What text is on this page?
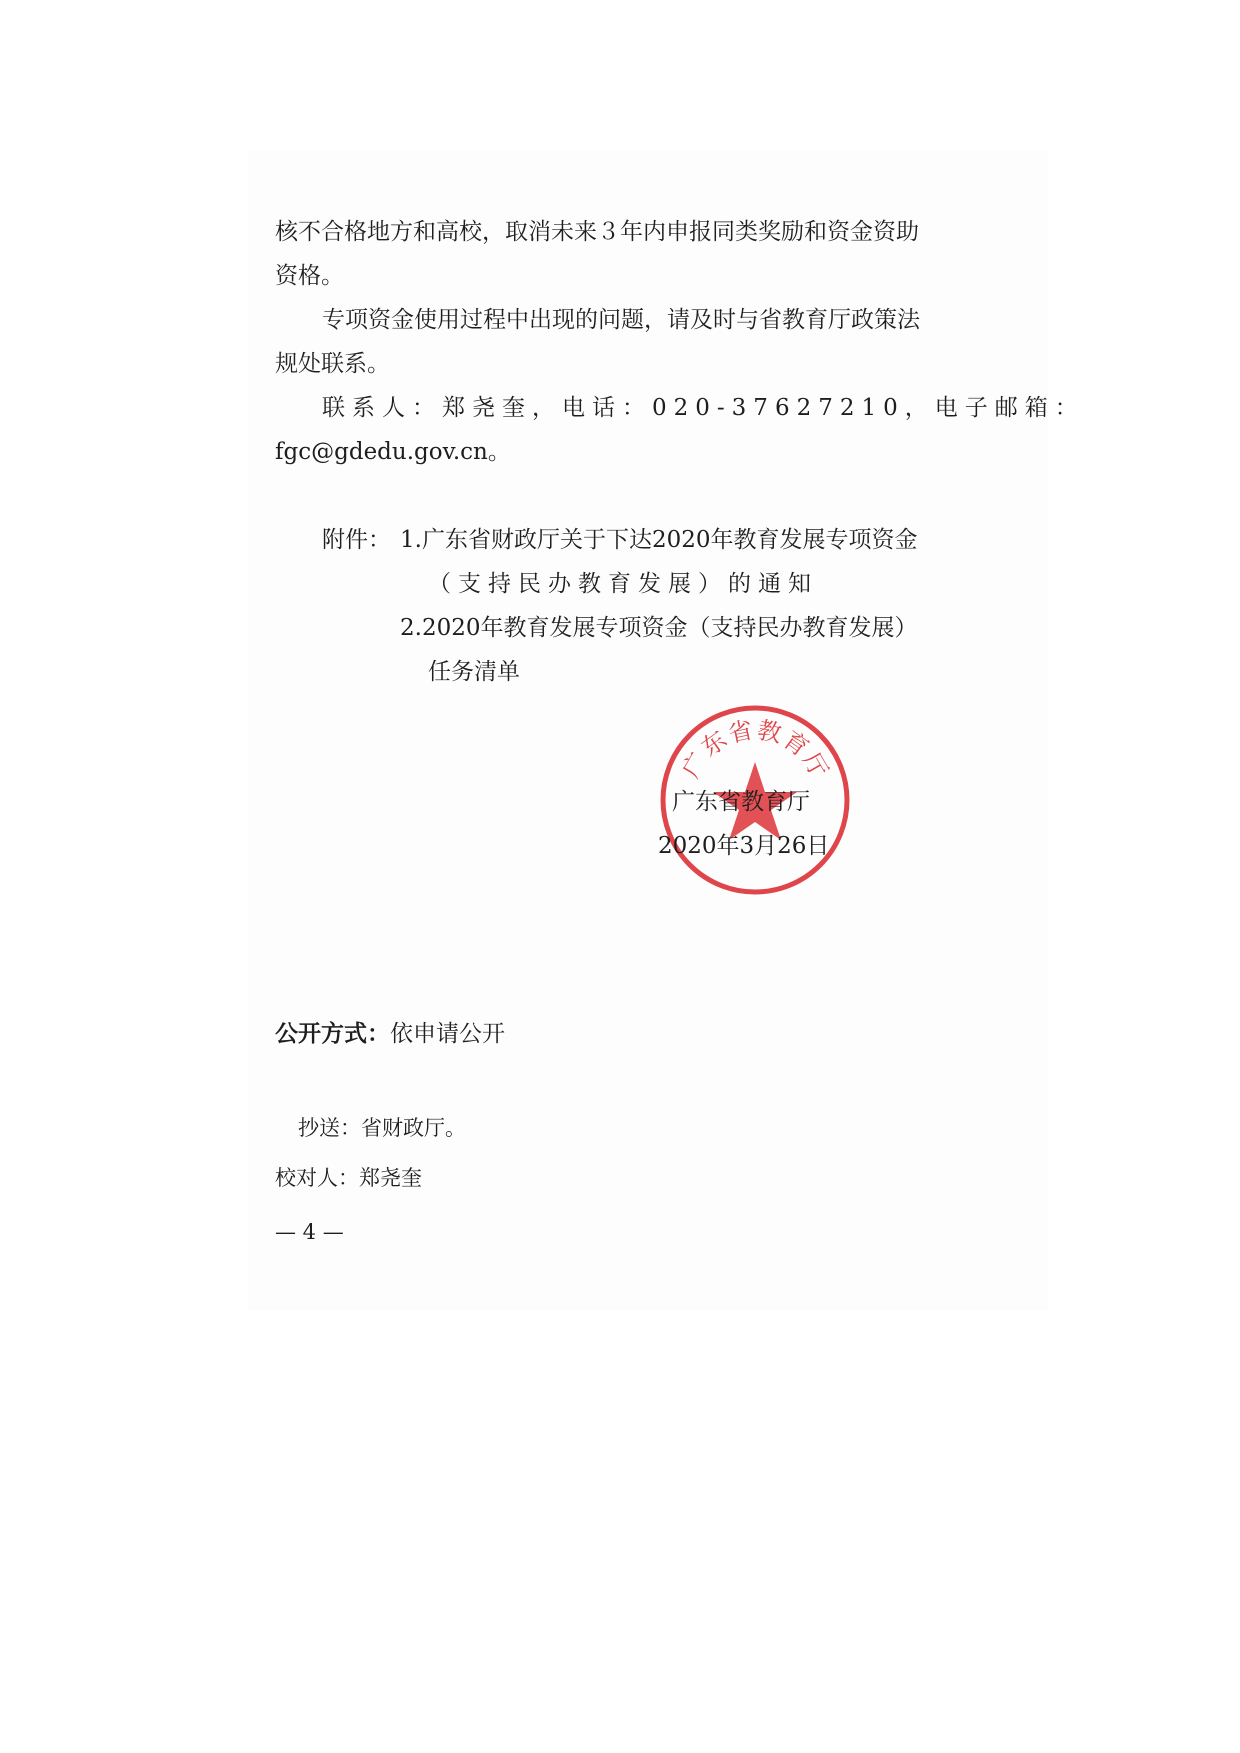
核不合格地方和高校，取消未来３年内申报同类奖励和资金资助
资格。
专项资金使用过程中出现的问题，请及时与省教育厅政策法
规处联系。
联系人：郑尧奎，电话：020-37627210，电子邮箱：
fgc@gdedu.gov.cn。
附件： 1.广东省财政厅关于下达2020年教育发展专项资金
（支持民办教育发展）的通知
2.2020年教育发展专项资金（支持民办教育发展）
任务清单
广
东
省 教
育
厅
广东省教育厅
2020年3月26日
公开方式：依申请公开
抄送：省财政厅。
校对人：郑尧奎
— 4 —
